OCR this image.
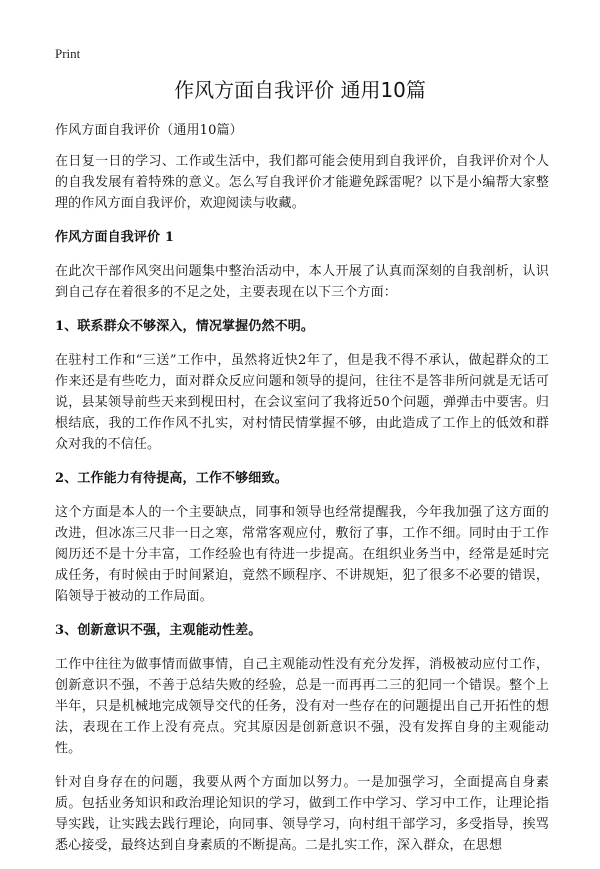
Print
作风方面自我评价 通用10篇

作风方面自我评价（通用10篇）

在日复一日的学习、工作或生活中，我们都可能会使用到自我评价，自我评价对个人的自我发展有着特殊的意义。怎么写自我评价才能避免踩雷呢？以下是小编帮大家整理的作风方面自我评价，欢迎阅读与收藏。

作风方面自我评价 1

在此次干部作风突出问题集中整治活动中，本人开展了认真而深刻的自我剖析，认识到自己存在着很多的不足之处，主要表现在以下三个方面：

1、联系群众不够深入，情况掌握仍然不明。

在驻村工作和“三送”工作中，虽然将近快2年了，但是我不得不承认，做起群众的工作来还是有些吃力，面对群众反应问题和领导的提问，往往不是答非所问就是无话可说，县某领导前些天来到枧田村，在会议室问了我将近50个问题，弹弹击中要害。归根结底，我的工作作风不扎实，对村情民情掌握不够，由此造成了工作上的低效和群众对我的不信任。

2、工作能力有待提高，工作不够细致。

这个方面是本人的一个主要缺点，同事和领导也经常提醒我，今年我加强了这方面的改进，但冰冻三尺非一日之寒，常常客观应付，敷衍了事，工作不细。同时由于工作阅历还不是十分丰富，工作经验也有待进一步提高。在组织业务当中，经常是延时完成任务，有时候由于时间紧迫，竟然不顾程序、不讲规矩，犯了很多不必要的错误，陷领导于被动的工作局面。

3、创新意识不强，主观能动性差。

工作中往往为做事情而做事情，自己主观能动性没有充分发挥，消极被动应付工作，创新意识不强，不善于总结失败的经验，总是一而再再二三的犯同一个错误。整个上半年，只是机械地完成领导交代的任务，没有对一些存在的问题提出自己开拓性的想法，表现在工作上没有亮点。究其原因是创新意识不强，没有发挥自身的主观能动性。

针对自身存在的问题，我要从两个方面加以努力。一是加强学习，全面提高自身素质。包括业务知识和政治理论知识的学习，做到工作中学习、学习中工作，让理论指导实践，让实践去践行理论，向同事、领导学习，向村组干部学习，多受指导，挨骂悉心接受，最终达到自身素质的不断提高。二是扎实工作，深入群众，在思想
